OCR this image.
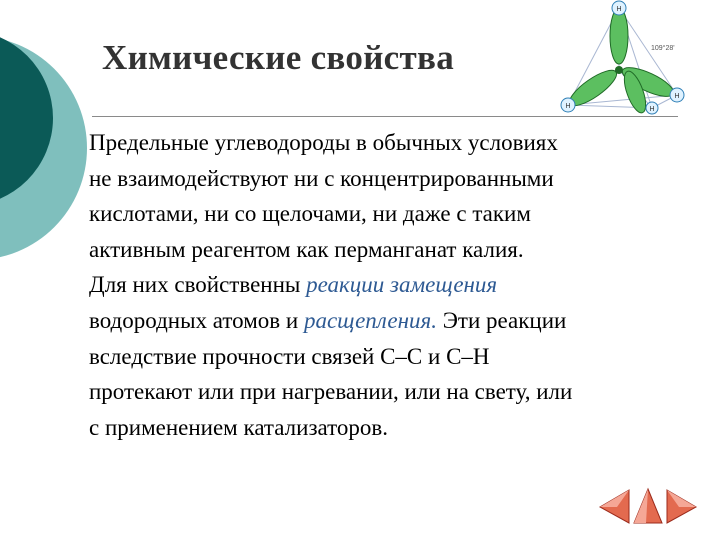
Химические свойства
H
H
H
H
109°28'

Предельные углеводороды в обычных условиях
не взаимодействуют ни с концентрированными
кислотами, ни со щелочами, ни даже с таким
активным реагентом как перманганат калия.
Для них свойственны реакции замещения
водородных атомов и расщепления. Эти реакции
вследствие прочности связей С–С и С–Н
протекают или при нагревании, или на свету, или
с применением катализаторов.
